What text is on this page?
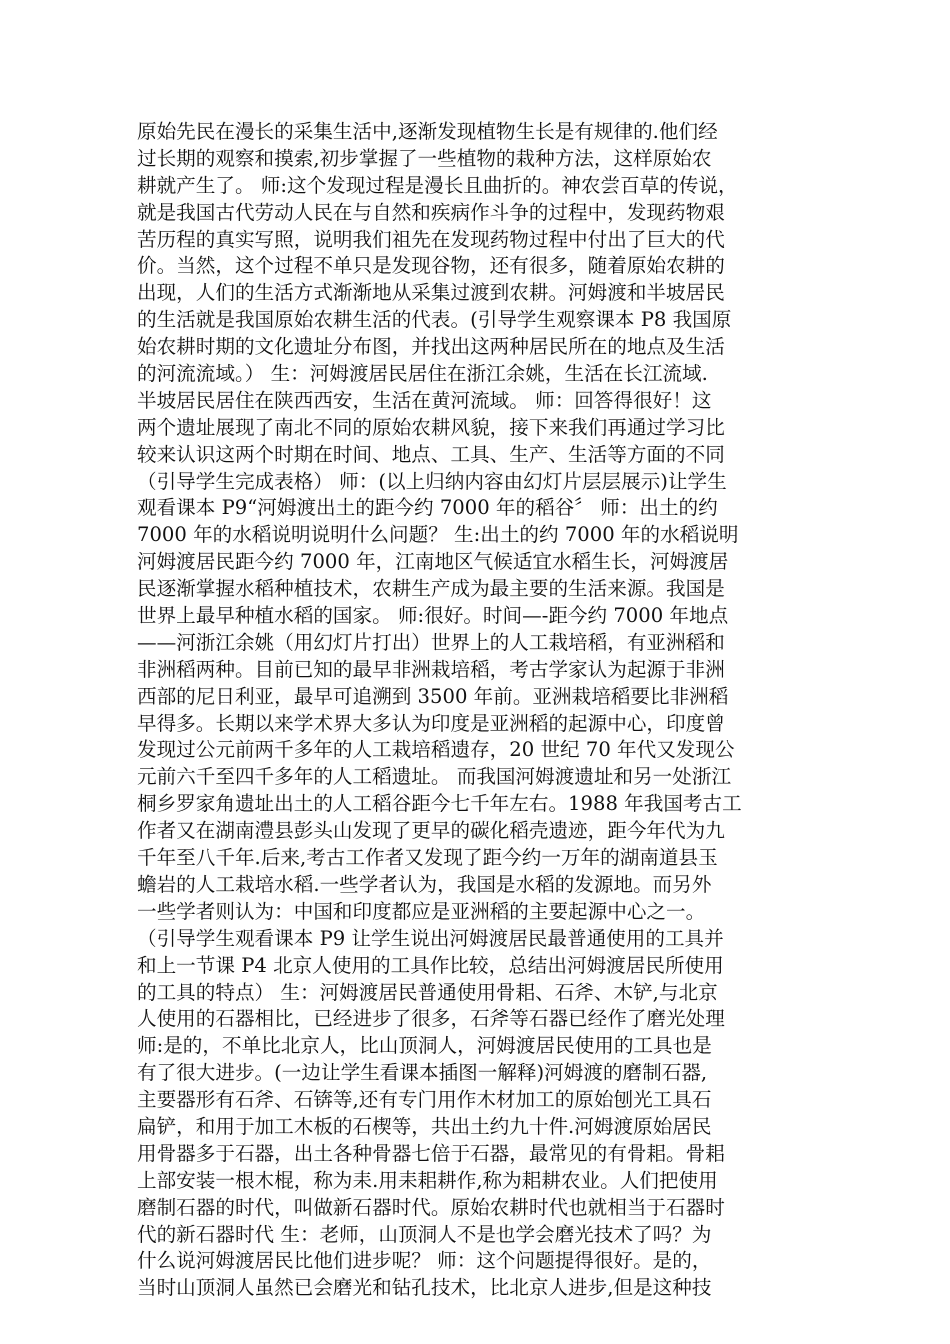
原始先民在漫长的采集生活中,逐渐发现植物生长是有规律的.他们经
过长期的观察和摸索,初步掌握了一些植物的栽种方法，这样原始农
耕就产生了。 师:这个发现过程是漫长且曲折的。神农尝百草的传说，
就是我国古代劳动人民在与自然和疾病作斗争的过程中，发现药物艰
苦历程的真实写照，说明我们祖先在发现药物过程中付出了巨大的代
价。当然，这个过程不单只是发现谷物，还有很多，随着原始农耕的
出现，人们的生活方式渐渐地从采集过渡到农耕。河姆渡和半坡居民
的生活就是我国原始农耕生活的代表。(引导学生观察课本 P8 我国原
始农耕时期的文化遗址分布图，并找出这两种居民所在的地点及生活
的河流流域。） 生：河姆渡居民居住在浙江余姚，生活在长江流域.
半坡居民居住在陕西西安，生活在黄河流域。 师：回答得很好！这
两个遗址展现了南北不同的原始农耕风貌，接下来我们再通过学习比
较来认识这两个时期在时间、地点、工具、生产、生活等方面的不同
（引导学生完成表格） 师：(以上归纳内容由幻灯片层层展示)让学生
观看课本 P9“河姆渡出土的距今约 7000 年的稻谷〞 师：出土的约
7000 年的水稻说明说明什么问题？ 生:出土的约 7000 年的水稻说明
河姆渡居民距今约 7000 年，江南地区气候适宜水稻生长，河姆渡居
民逐渐掌握水稻种植技术，农耕生产成为最主要的生活来源。我国是
世界上最早种植水稻的国家。 师:很好。时间—-距今约 7000 年地点
——河浙江余姚（用幻灯片打出）世界上的人工栽培稻，有亚洲稻和
非洲稻两种。目前已知的最早非洲栽培稻，考古学家认为起源于非洲
西部的尼日利亚，最早可追溯到 3500 年前。亚洲栽培稻要比非洲稻
早得多。长期以来学术界大多认为印度是亚洲稻的起源中心，印度曾
发现过公元前两千多年的人工栽培稻遗存，20 世纪 70 年代又发现公
元前六千至四千多年的人工稻遗址。 而我国河姆渡遗址和另一处浙江
桐乡罗家角遗址出土的人工稻谷距今七千年左右。1988 年我国考古工
作者又在湖南澧县彭头山发现了更早的碳化稻壳遗迹，距今年代为九
千年至八千年.后来,考古工作者又发现了距今约一万年的湖南道县玉
蟾岩的人工栽培水稻.一些学者认为，我国是水稻的发源地。而另外
一些学者则认为：中国和印度都应是亚洲稻的主要起源中心之一。
（引导学生观看课本 P9 让学生说出河姆渡居民最普通使用的工具并
和上一节课 P4 北京人使用的工具作比较，总结出河姆渡居民所使用
的工具的特点） 生：河姆渡居民普通使用骨耜、石斧、木铲,与北京
人使用的石器相比，已经进步了很多，石斧等石器已经作了磨光处理
师:是的，不单比北京人，比山顶洞人，河姆渡居民使用的工具也是
有了很大进步。(一边让学生看课本插图一解释)河姆渡的磨制石器,
主要器形有石斧、石锛等,还有专门用作木材加工的原始刨光工具石
扁铲，和用于加工木板的石楔等，共出土约九十件.河姆渡原始居民
用骨器多于石器，出土各种骨器七倍于石器，最常见的有骨耜。骨耜
上部安装一根木棍，称为耒.用耒耜耕作,称为耜耕农业。人们把使用
磨制石器的时代，叫做新石器时代。原始农耕时代也就相当于石器时
代的新石器时代 生：老师，山顶洞人不是也学会磨光技术了吗？为
什么说河姆渡居民比他们进步呢？ 师：这个问题提得很好。是的，
当时山顶洞人虽然已会磨光和钻孔技术，比北京人进步,但是这种技
